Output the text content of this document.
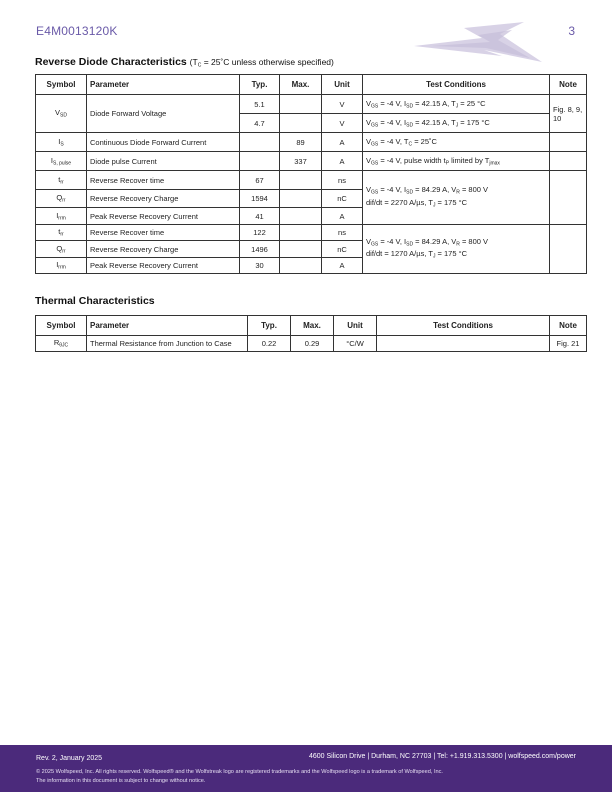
E4M0013120K	3
Reverse Diode Characteristics ($T_C$ = 25˚C unless otherwise specified)
Symbol	Parameter	Typ.	Max.	Unit	Test Conditions	Note
$V_{SD}$	Diode Forward Voltage	5.1		V	$V_{GS} = -4$ V, $I_{SD} = 42.15$ A, $T_J = 25$ °C	Fig. 8, 9, 10
		4.7		V	$V_{GS} = -4$ V, $I_{SD} = 42.15$ A, $T_J = 175$ °C	
$I_S$	Continuous Diode Forward Current		89	A	$V_{GS} = -4$ V, $T_C$ = 25˚C	
$I_{S, pulse}$	Diode pulse Current		337	A	$V_{GS} = -4$ V, pulse width $t_P$ limited by $T_{jmax}$	
$t_{rr}$	Reverse Recover time	67		ns	$V_{GS} = -4$ V, $I_{SD} = 84.29$ A, $V_R = 800$ V
dif/dt = 2270 A/µs, $T_J = 175$ °C	

$Q_{rr}$	Reverse Recovery Charge	1594		nC		
$I_{rrm}$	Peak Reverse Recovery Current	41		A		
$t_{rr}$	Reverse Recover time	122		ns	$V_{GS} = -4$ V, $I_{SD} = 84.29$ A, $V_R = 800$ V
dif/dt = 1270 A/µs, $T_J = 175$ °C	

$Q_{rr}$	Reverse Recovery Charge	1496		nC		
$I_{rrm}$	Peak Reverse Recovery Current	30		A		
Thermal Characteristics
Symbol	Parameter	Typ.	Max.	Unit	Test Conditions	Note
$R_{\theta JC}$	Thermal Resistance from Junction to Case	0.22	0.29	°C/W		Fig. 21
Rev. 2, January 2025	4600 Silicon Drive | Durham, NC 27703 | Tel: +1.919.313.5300 | wolfspeed.com/power
© 2025 Wolfspeed, Inc. All rights reserved. Wolfspeed® and the Wolfstreak logo are registered trademarks and the Wolfspeed logo is a trademark of Wolfspeed, Inc.
The information in this document is subject to change without notice.
